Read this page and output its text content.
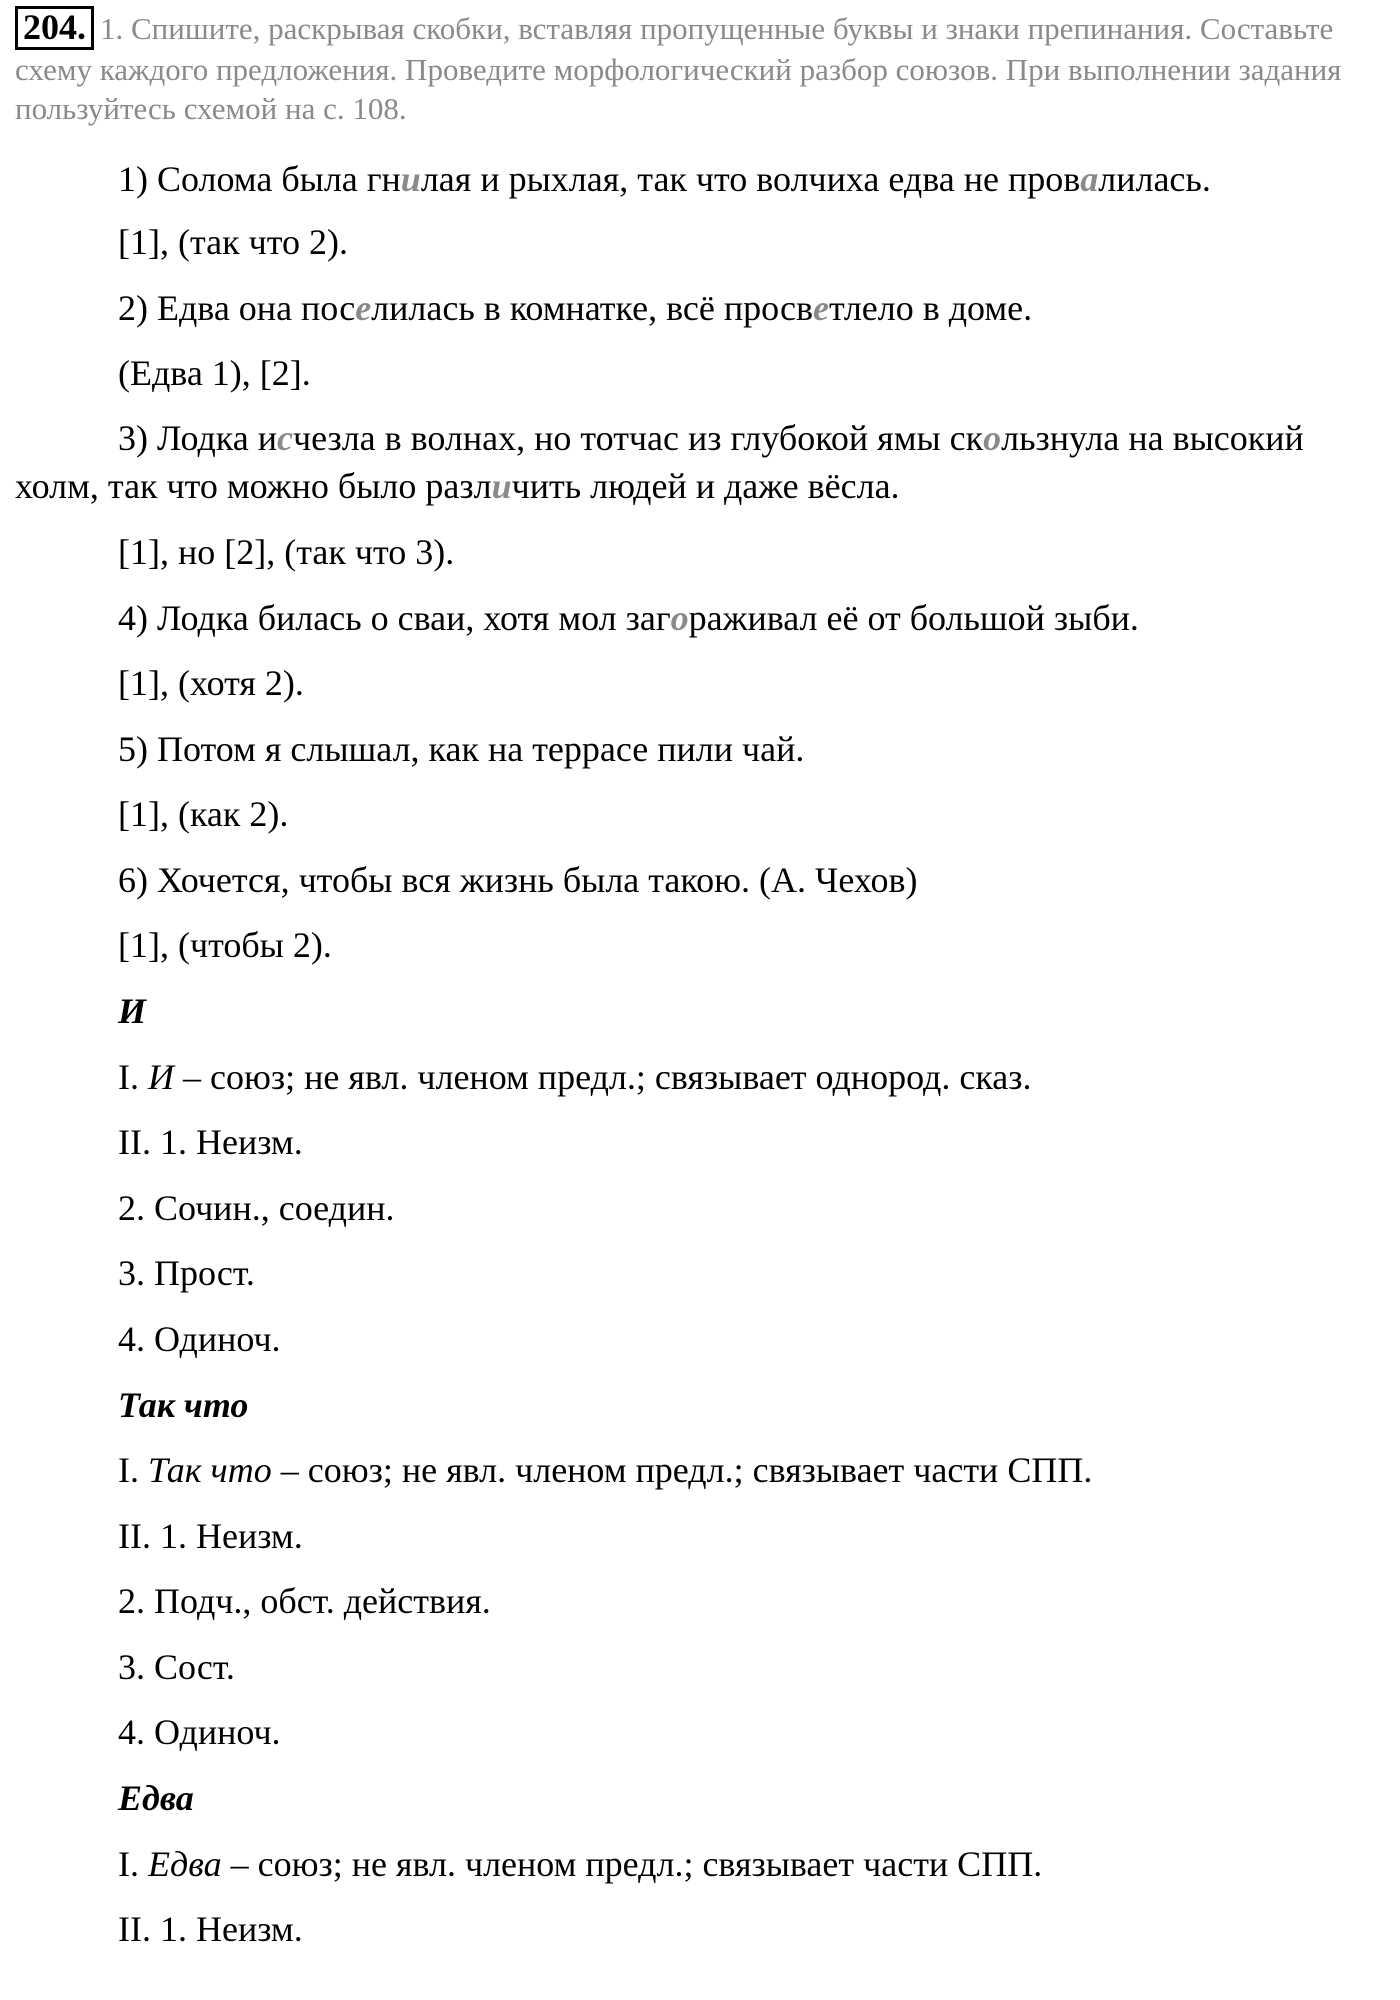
204. 1. Спишите, раскрывая скобки, вставляя пропущенные буквы и знаки препинания. Составьте схему каждого предложения. Проведите морфологический разбор союзов. При выполнении задания пользуйтесь схемой на с. 108.
1) Солома была гнилая и рыхлая, так что волчиха едва не провалилась.
[1], (так что 2).
2) Едва она поселилась в комнатке, всё просветлело в доме.
(Едва 1), [2].
3) Лодка исчезла в волнах, но тотчас из глубокой ямы скользнула на высокий холм, так что можно было различить людей и даже вёсла.
[1], но [2], (так что 3).
4) Лодка билась о сваи, хотя мол загораживал её от большой зыби.
[1], (хотя 2).
5) Потом я слышал, как на террасе пили чай.
[1], (как 2).
6) Хочется, чтобы вся жизнь была такою. (А. Чехов)
[1], (чтобы 2).
И
I. И – союз; не явл. членом предл.; связывает однород. сказ.
II. 1. Неизм.
2. Сочин., соедин.
3. Прост.
4. Одиноч.
Так что
I. Так что – союз; не явл. членом предл.; связывает части СПП.
II. 1. Неизм.
2. Подч., обст. действия.
3. Сост.
4. Одиноч.
Едва
I. Едва – союз; не явл. членом предл.; связывает части СПП.
II. 1. Неизм.
